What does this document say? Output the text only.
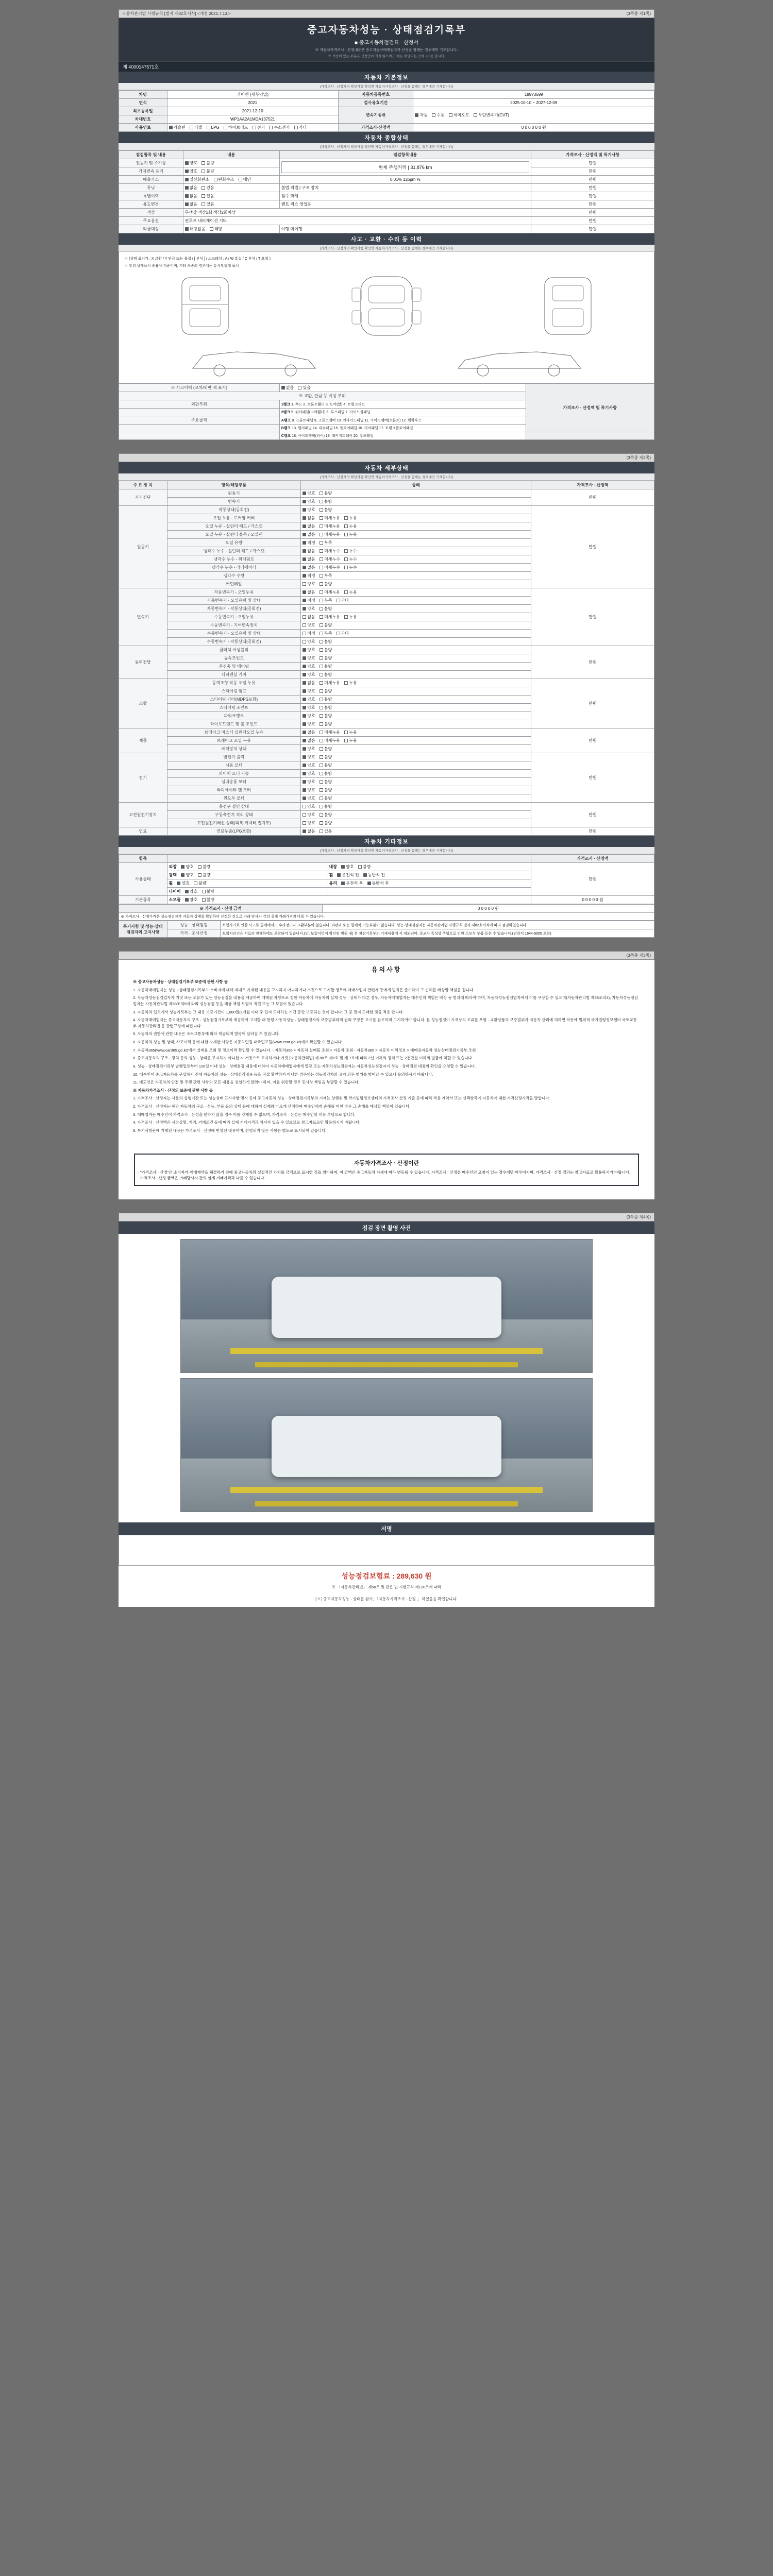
자동차관리법 시행규칙 [별지 제82호서식] <개정 2021.7.13.>	(3쪽중 제1쪽)
중고자동차성능 · 상태점검기록부
■ 중고자동차점검표 · 산정서
※ 자동차가격조사 · 산정내용은 중고자동차매매업자가 산정을 함께는 경우에만 기재합니다.
※ 색상이 있는 부분은 신청인이 적지 않으며, [ ]에는 해당되는 곳에 √표를 합니다.
제 4000147571호
자동차 기본정보
(가격조사 · 산정자가 확인사항 확인안 자동차가격조사 · 산정을 함께는 경우에만 기재합니다)
차명	카이엔 (세부영업)	자동차등록번호	189?3599
연식	2021	검사유효기간	2025-10-10 ~ 2027-12-09
최초등록일	2021-12-10	변속기종류	자동 수동 세미오토 무단변속기(CVT)
차대번호	WP1AA2A1MDA137521		
사용연료	가솔린 디젤 LPG 하이브리드 전기 수소전기 기타	가격조사·산정액	0 0 0 0 0 0 원
자동차 종합상태
(가격조사 · 산정자가 확인사항 확인안 자동차가격조사 · 산정을 함께는 경우에만 기재합니다)
점검항목 및 내용	내용	점검항목내용	가격조사 · 산정액 및 특기사항
전동기 및 주기상	양호 불량	현재 주행거리 | 31,876 km	만원
기대변속 용기	양호 불량		만원
배출가스	일산화탄소 탄화수소 매연	0.01% 12ppm %	만원
튜닝	없음 있음	불법 적법 | 구조 장치	만원
특별이력	없음 있음	침수 화재	만원
용도변경	없음 있음	렌트 리스 영업용	만원
색상	무색상 색상1회 색상2회이상		만원
주요옵션	썬루프 내비게이션 기타		만원
리콜대상	해당없음 해당	이행 미이행	만원
사고 · 교환 · 수리 등 이력
(가격조사 · 산정자가 확인사항 확인안 자동차가격조사 · 산정을 함께는 경우에만 기재합니다)
※ (상태 표시가 : X 교환 / Y 판금 또는 용접 / [ 부식 ] / 스크래치 : A / W 흠집 / C 부식 / T 요철 )
※ 부위 상태표시 승용차 기준이며, 기타 차종의 경우에는 유사부위에 표시
※ 사고이력 (교차/외판 제 표시)	없음 있음	가격조사 · 산정액 및 특기사항
※ 교환, 판금 등 이상 부위		
외판부위	1랭크 1. 후드 2. 프론트휀더 3. 도어(앞) 4. 트렁크리드	
	2랭크 5. 쿼터패널(리어휀더) 6. 루프패널 7. 사이드실패널	
주요골격	A랭크 8. 프론트패널 9. 크로스멤버 10. 인사이드패널 11. 사이드멤버(프론트) 12. 휠하우스	
	B랭크 13. 필러패널 14. 대쉬패널 15. 플로어패널 16. 리어패널 17. 트렁크플로어패널	
	C랭크 18. 사이드멤버(리어) 19. 패키지트레이 20. 루프레일	
(3쪽중 제2쪽)
자동차 세부상태
(가격조사 · 산정자가 확인사항 확인안 자동차가격조사 · 산정을 함께는 경우에만 기재합니다)
주 요 장 치	항목/해당부품	상태	가격조사 · 산정액
자기진단	원동기	양호 불량	만원
	변속기	양호 불량	
원동기	작동상태(공회전)	양호 불량	만원
	오일 누유 - 로커암 커버	없음 미세누유 누유	
	오일 누유 - 실린더 헤드 / 가스켓	없음 미세누유 누유	
	오일 누유 - 실린더 블록 / 오일팬	없음 미세누유 누유	
	오일 유량	적정 부족	
	냉각수 누수 - 실린더 헤드 / 가스켓	없음 미세누수 누수	
	냉각수 누수 - 워터펌프	없음 미세누수 누수	
	냉각수 누수 - 라디에이터	없음 미세누수 누수	
	냉각수 수량	적정 부족	
	커먼레일	양호 불량	
변속기	자동변속기 - 오일누유	없음 미세누유 누유	만원
	자동변속기 - 오일유량 및 상태	적정 부족 과다	
	자동변속기 - 작동상태(공회전)	양호 불량	
	수동변속기 - 오일누유	없음 미세누유 누유	
	수동변속기 - 기어변속장치	양호 불량	
	수동변속기 - 오일유량 및 상태	적정 부족 과다	
	수동변속기 - 작동상태(공회전)	양호 불량	
동력전달	클러치 어셈블리	양호 불량	만원
	등속조인트	양호 불량	
	추진축 및 베어링	양호 불량	
	디퍼렌셜 기어	양호 불량	
조향	동력조향 작동 오일 누유	없음 미세누유 누유	만원
	스티어링 펌프	양호 불량	
	스티어링 기어(MDPS포함)	양호 불량	
	스티어링 조인트	양호 불량	
	파워크랭크	양호 불량	
	타이로드엔드 및 볼 조인트	양호 불량	
제동	브레이크 마스터 실린더오일 누유	없음 미세누유 누유	만원
	브레이크 오일 누유	없음 미세누유 누유	
	배력장치 상태	양호 불량	
전기	발전기 출력	양호 불량	만원
	시동 모터	양호 불량	
	와이퍼 모터 기능	양호 불량	
	실내송풍 모터	양호 불량	
	라디에이터 팬 모터	양호 불량	
	윈도우 모터	양호 불량	
고전원전기장치	충전구 절연 상태	양호 불량	만원
	구동축전지 격리 상태	양호 불량	
	고전원전기배선 상태(피복,커넥터,접지부)	양호 불량	
연료	연료누출(LPG포함)	없음 있음	만원
자동차 기타정보
(가격조사 · 산정자가 확인사항 확인안 자동차가격조사 · 산정을 함께는 경우에만 기재합니다)
항목			가격조사 · 산정액
사용상태	외장 양호 불량	내장 양호 불량	만원
	광택 양호 불량	휠 운전석 전 동반석 전	
	휠 양호 불량	유리 운전석 후 동반석 후	
	타이어 양호 불량		
기본품목	소모품 양호 불량		0 0 0 0 0 원
※ 가격조사 · 산정 금액	0 0 0 0 0 원
※ 가격조사 · 산정가격은 성능점검자가 자동차 상태를 확인하여 산정한 것으로 거래 당사자 간의 실제 거래가격과 다를 수 있습니다.
특기사항 및 성능·상태 점검자의 고지사항	성능 · 상태점검	보험사기로 인한 사고로 필체에서도 수리정도나 교환부분이 없습니다. 외판과 또는 필체약 기능부분이 없습니다. 성능·상태점검자는 자동차관리법 시행규칙 별지 제82호서식에 따라 점검하였습니다.
	가격 · 조사산정	보험처리건은 서로의 양해하에도 포함되어 있습니다.(단, 보험이력이 확인된 범위 내) 본 점검기록부의 기재내용에 서 제외되며, 중고차 특성상 주행으로 인한 소모성 부품 등은 수 있습니다.(연락처 1644-5005 포함)
(3쪽중 제3쪽)
유의사항

※ 중고자동차성능 · 상태점검기록부 보증에 관한 사항 등

1. 자동차매매업자는 성능 · 상태점검기록부가 소비자에 대해 제대로 기재된 내용을 고지하지 아니하거나 거짓으로 고지할 경우에 매매사업자 관련자 등에게 벌칙은 준수해야 그 손해를 배상할 책임을 집니다.

2. 자동차성능점검업자가 거짓 또는 오류가 있는 성능점검을 내용을 제공하여 매매된 차량으로 정한 자동차에 자동차의 실제 성능 · 상태가 다른 경우, 자동차매매업자는 매수인의 책임은 배상 등 범위에 따라야 하며, 자동차성능점검업자에게 이를 구상할 수 있으며(자동차관리법 제58조의4), 자동차성능점검업자는 자동차관리법 제58조의5에 따라 성능점검 등을 배상 책임 보험이 적립 또는 그 보험이 있습니다.

3. 자동차의 입고에서 성능기록부는 그 내용 보증기간이 1,000일/2개월 이내 중 먼저 도래하는 기간 동안 보증되는 것이 합니다. 그 중 먼저 도래한 것을 적용 합니다.

4. 자동차매매업자는 중고자동차의 구조 · 성능점검기록부와 제공하여 고지할 때 현행 자동차성능 · 상태점검자의 보증범위와의 권리 주장은 고시를 참고하며 고지하여야 합니다. 본 성능점검이 기재상의 오류를 포함 · 교환상품의 보증범위가 자동차 관리에 의하면 작동에 범위적 국가법령정보센터 국토교통부 자동차관리법 등 관련규정에 따릅니다.

5. 자동차의 권한에 관한 내용은 국토교통부에 따라 제공되며 발령이 달라질 수 있습니다.

6. 자동차의 성능 및 상태, 사고이력 등에 대한 자세한 사항은 자동차민원 대국민포털(www.ecar.go.kr)에서 확인할 수 있습니다.

7. 자동차365(www.car365.go.kr)에서 실제를 조회 및 정보이력 확인할 수 있습니다. - 자동차365 > 자동차 실매물 조회 > 자동차 조회 - 자동차365 > 자동차 이력정보 > 매매용자동차 성능상태점검기록부 조회

8. 중고자동차의 구조 · 장치 등의 성능 · 상태를 고지하지 아니한 자 거짓으로 고지하거나 거짓 [자동차관리법] 제 80조 제6호 및 제 7호에 따라 2년 이하의 징역 또는 2천만원 이하의 벌금에 처할 수 있습니다.

9. 성능 · 상태점검기록부 발행일로부터 120일 이내 성능 · 상태점검 내용에 대하여 자동차매매업자에게 열람 또는 자동차성능점검자는 자동차성능점검자가 성능 · 상태점검 내용의 확인을 요청할 수 있습니다.

10. 매수인이 중고자동차를 구입하기 전에 자동차의 성능 · 상태점검내용 등을 직접 확인하지 아니한 경우에는 성능점검자의 고지 의무 범위를 벗어날 수 있으니 유의하시기 바랍니다.

11. 매도인은 자동차의 안전 및 주행 관련 사항의 모든 내용을 성실하게 알려야 하며, 이를 위반할 경우 민사상 책임을 부담할 수 있습니다.

※ 자동차가격조사 · 산정의 보증에 관한 사항 등

1. 가격조사 · 산정자는 사용의 실행기간 또는 성능상태 표시사항 명시 등에 중고자동차 성능 · 상태점검기록부의 기재는 상행위 및 국가법령정보센터의 가격조사 산정 기준 등에 따라 적용 계약서 또는 선택항목에 자동차에 대한 가격산정가격을 말합니다.

2. 가격조사 · 산정자는 해당 자동차의 구조 · 성능, 부품 등의 상태 등에 대하여 실제와 다르게 산정하여 매수인에게 손해를 끼친 경우 그 손해를 배상할 책임이 있습니다.

3. 매매업자는 매수인이 가격조사 · 산정을 원하지 않을 경우 이를 강제할 수 없으며, 가격조사 · 산정은 매수인의 비용 부담으로 합니다.

4. 가격조사 · 산정액은 시장상황, 지역, 거래조건 등에 따라 실제 거래가격과 차이가 있을 수 있으므로 참고자료로만 활용하시기 바랍니다.

5. 특기사항란에 기재된 내용은 가격조사 · 산정에 반영된 내용이며, 반영되지 않은 사항은 별도로 표시되어 있습니다.

자동차가격조사 · 산정이란
"가격조사 · 산정"은 소비자가 매매계약을 체결하기 전에 중고자동차의 실질적인 가치를 금액으로 표시한 것을 의미하며, 이 금액은 중고자동차 시세에 따라 변동될 수 있습니다. 가격조사 · 산정은 매수인의 요청이 있는 경우에만 이루어지며, 가격조사 · 산정 결과는 참고자료로 활용하시기 바랍니다. 가격조사 · 산정 금액은 거래당사자 간의 실제 거래가격과 다를 수 있습니다.
(3쪽중 제4쪽)
점검 장면 촬영 사진
서명
성능점검보험료 : 289,630 원
※ 「자동차관리법」 제58조 및 같은 법 시행규칙 제120조에 따라
[ Y ] 중고자동차성능 · 상태를 검사, 「자동차가격조사 · 산정 」 하였음을 확인합니다.
